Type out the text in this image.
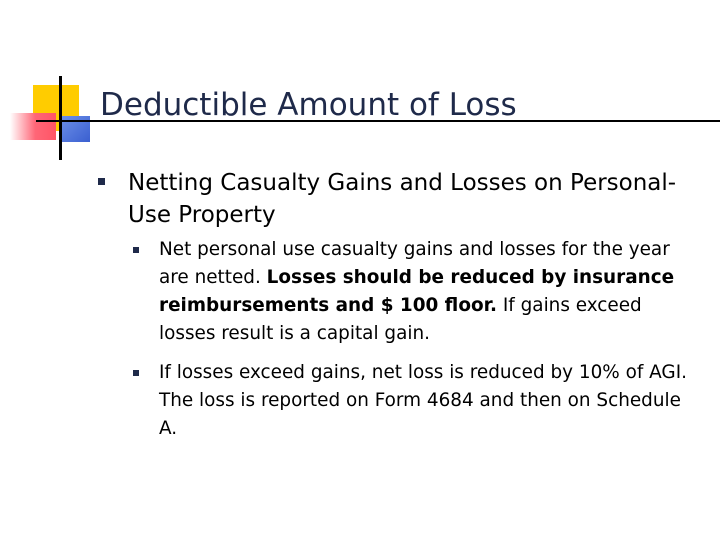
Deductible Amount of Loss

Netting Casualty Gains and Losses on Personal-Use Property

Net personal use casualty gains and losses for the year are netted. Losses should be reduced by insurance reimbursements and $ 100 floor. If gains exceed losses result is a capital gain.

If losses exceed gains, net loss is reduced by 10% of AGI. The loss is reported on Form 4684 and then on Schedule A.
